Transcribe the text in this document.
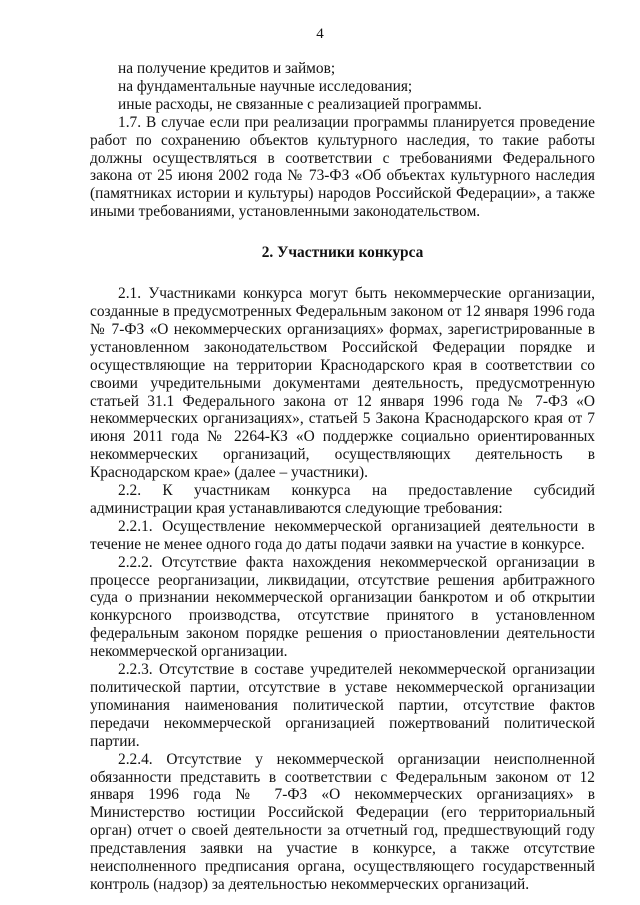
4

на получение кредитов и займов;

на фундаментальные научные исследования;

иные расходы, не связанные с реализацией программы.

1.7. В случае если при реализации программы планируется проведение работ по сохранению объектов культурного наследия, то такие работы должны осуществляться в соответствии с требованиями Федерального закона от 25 июня 2002 года № 73-ФЗ «Об объектах культурного наследия (памятниках истории и культуры) народов Российской Федерации», а также иными требованиями, установленными законодательством.

2. Участники конкурса

2.1. Участниками конкурса могут быть некоммерческие организации, созданные в предусмотренных Федеральным законом от 12 января 1996 года № 7-ФЗ «О некоммерческих организациях» формах, зарегистрированные в установленном законодательством Российской Федерации порядке и осуществляющие на территории Краснодарского края в соответствии со своими учредительными документами деятельность, предусмотренную статьей 31.1 Федерального закона от 12 января 1996 года № 7-ФЗ «О некоммерческих организациях», статьей 5 Закона Краснодарского края от 7 июня 2011 года № 2264-КЗ «О поддержке социально ориентированных некоммерческих организаций, осуществляющих деятельность в Краснодарском крае» (далее – участники).

2.2. К участникам конкурса на предоставление субсидий администрации края устанавливаются следующие требования:

2.2.1. Осуществление некоммерческой организацией деятельности в течение не менее одного года до даты подачи заявки на участие в конкурсе.

2.2.2. Отсутствие факта нахождения некоммерческой организации в процессе реорганизации, ликвидации, отсутствие решения арбитражного суда о признании некоммерческой организации банкротом и об открытии конкурсного производства, отсутствие принятого в установленном федеральным законом порядке решения о приостановлении деятельности некоммерческой организации.

2.2.3. Отсутствие в составе учредителей некоммерческой организации политической партии, отсутствие в уставе некоммерческой организации упоминания наименования политической партии, отсутствие фактов передачи некоммерческой организацией пожертвований политической партии.

2.2.4. Отсутствие у некоммерческой организации неисполненной обязанности представить в соответствии с Федеральным законом от 12 января 1996 года № 7-ФЗ «О некоммерческих организациях» в Министерство юстиции Российской Федерации (его территориальный орган) отчет о своей деятельности за отчетный год, предшествующий году представления заявки на участие в конкурсе, а также отсутствие неисполненного предписания органа, осуществляющего государственный контроль (надзор) за деятельностью некоммерческих организаций.
